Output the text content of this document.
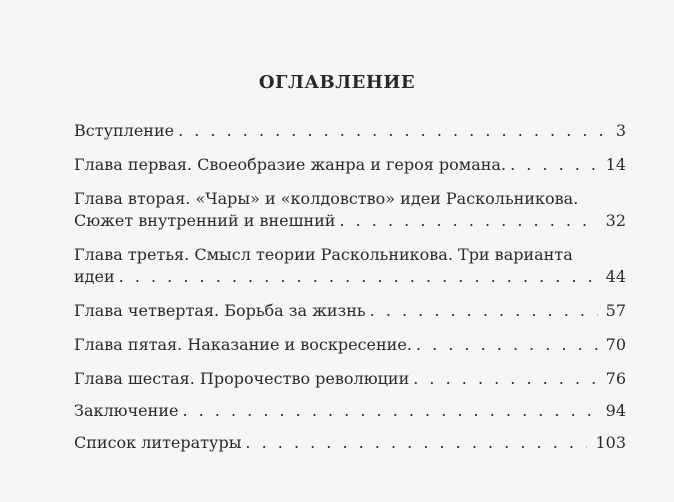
ОГЛАВЛЕНИЕ
Вступление . . .	3
Глава первая. Своеобразие жанра и героя романа. . . .	14
Глава вторая. «Чары» и «колдовство» идеи Раскольникова.
Сюжет внутренний и внешний . . .	32
Глава третья. Смысл теории Раскольникова. Три варианта
идеи . . .	44
Глава четвертая. Борьба за жизнь . . .	57
Глава пятая. Наказание и воскресение. . . .	70
Глава шестая. Пророчество революции . . .	76
Заключение . . .	94
Список литературы . . .	103
